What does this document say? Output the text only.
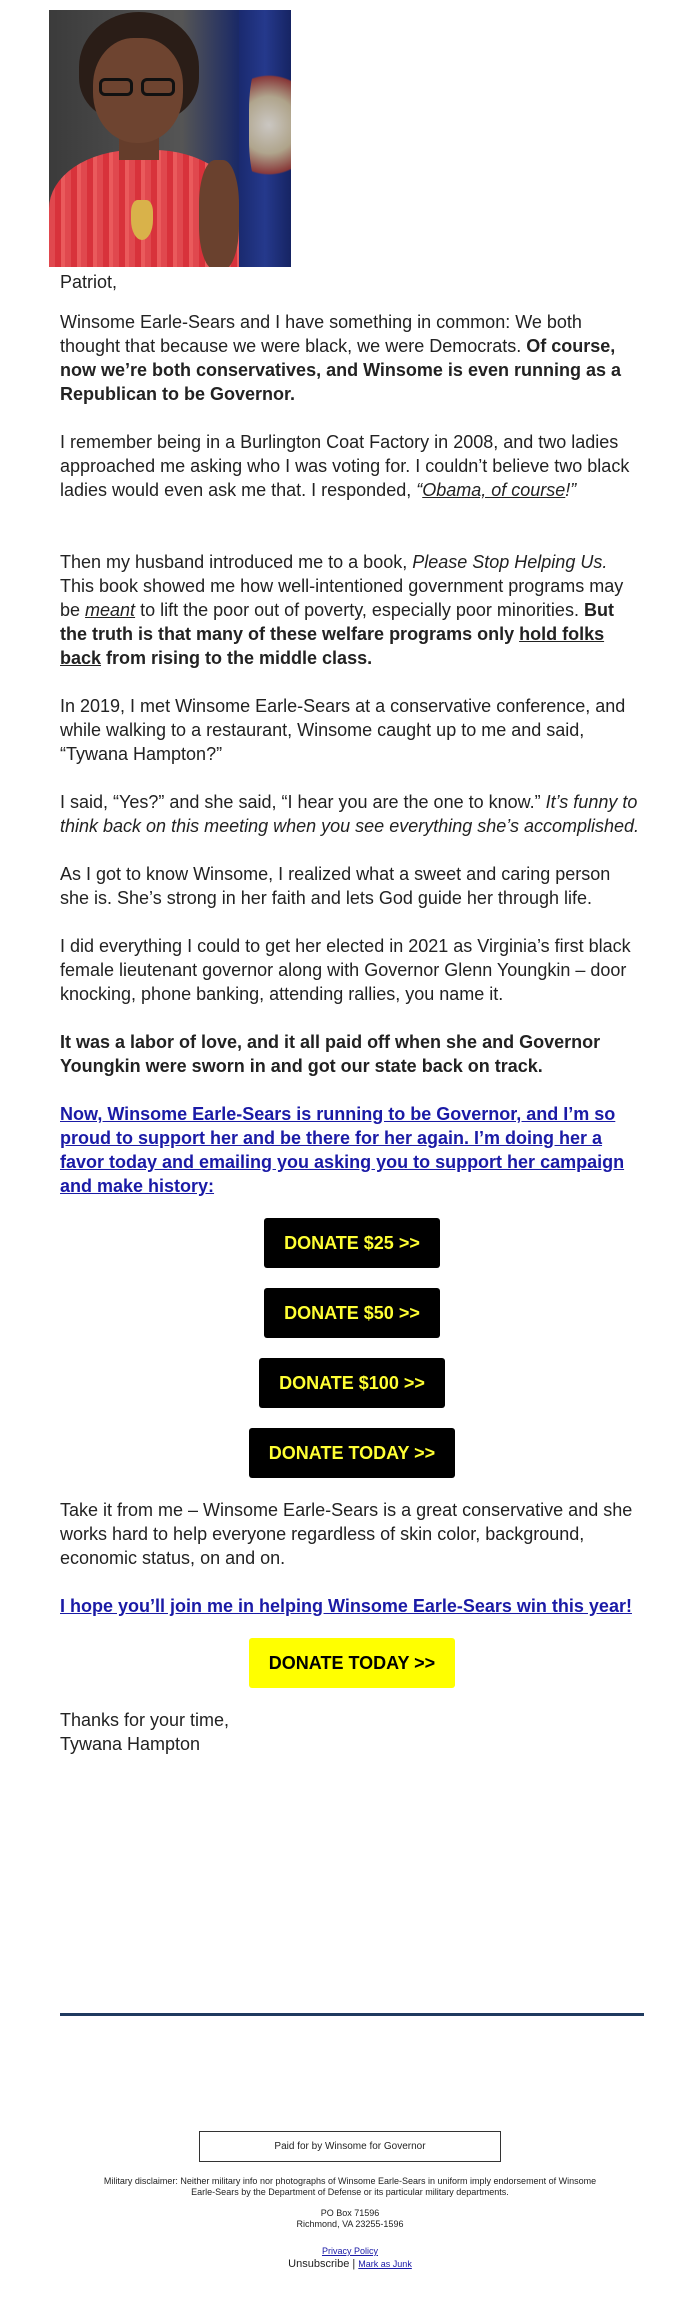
Patriot,

Winsome Earle-Sears and I have something in common: We both thought that because we were black, we were Democrats. Of course, now we’re both conservatives, and Winsome is even running as a Republican to be Governor.

I remember being in a Burlington Coat Factory in 2008, and two ladies approached me asking who I was voting for. I couldn’t believe two black ladies would even ask me that. I responded, “Obama, of course!”

Then my husband introduced me to a book, Please Stop Helping Us. This book showed me how well-intentioned government programs may be meant to lift the poor out of poverty, especially poor minorities. But the truth is that many of these welfare programs only hold folks back from rising to the middle class.

In 2019, I met Winsome Earle-Sears at a conservative conference, and while walking to a restaurant, Winsome caught up to me and said, “Tywana Hampton?”

I said, “Yes?” and she said, “I hear you are the one to know.” It’s funny to think back on this meeting when you see everything she’s accomplished.

As I got to know Winsome, I realized what a sweet and caring person she is. She’s strong in her faith and lets God guide her through life.

I did everything I could to get her elected in 2021 as Virginia’s first black female lieutenant governor along with Governor Glenn Youngkin – door knocking, phone banking, attending rallies, you name it.

It was a labor of love, and it all paid off when she and Governor Youngkin were sworn in and got our state back on track.

Now, Winsome Earle-Sears is running to be Governor, and I’m so proud to support her and be there for her again. I’m doing her a favor today and emailing you asking you to support her campaign and make history:

DONATE $25 >>
DONATE $50 >>
DONATE $100 >>
DONATE TODAY >>

Take it from me – Winsome Earle-Sears is a great conservative and she works hard to help everyone regardless of skin color, background, economic status, on and on.

I hope you’ll join me in helping Winsome Earle-Sears win this year!

DONATE TODAY >>

Thanks for your time,
Tywana Hampton

Paid for by Winsome for Governor
Military disclaimer: Neither military info nor photographs of Winsome Earle-Sears in uniform imply endorsement of Winsome Earle-Sears by the Department of Defense or its particular military departments.
PO Box 71596
Richmond, VA 23255-1596
Privacy Policy
Unsubscribe | Mark as Junk
